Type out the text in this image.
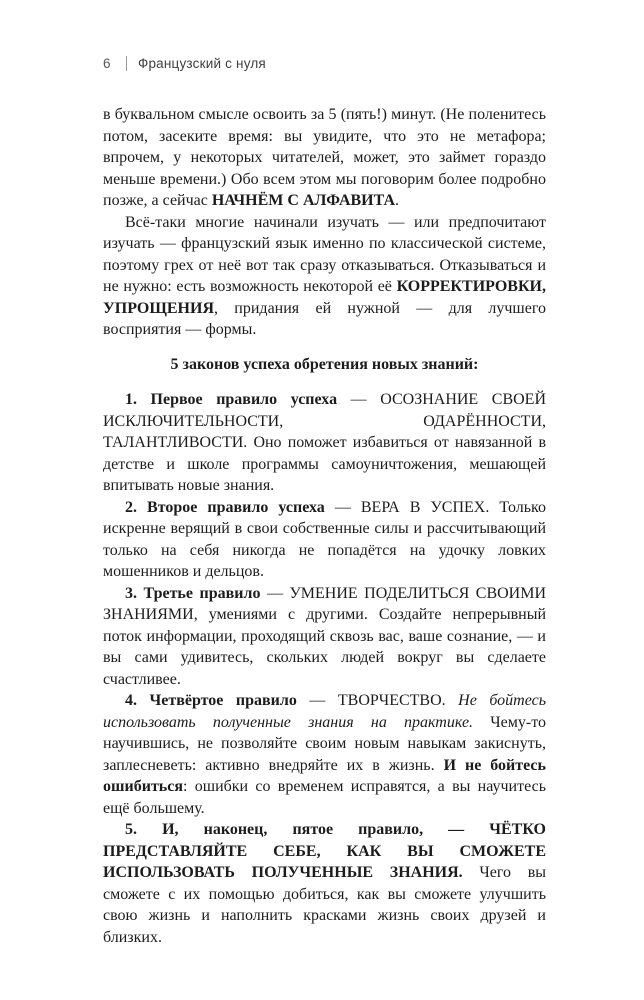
6	Французский с нуля

в буквальном смысле освоить за 5 (пять!) минут. (Не поленитесь потом, засеките время: вы увидите, что это не метафора; впрочем, у некоторых читателей, может, это займет гораздо меньше времени.) Обо всем этом мы поговорим более подробно позже, а сейчас НАЧНЁМ С АЛФАВИТА.

Всё-таки многие начинали изучать — или предпочитают изучать — французский язык именно по классической системе, поэтому грех от неё вот так сразу отказываться. Отказываться и не нужно: есть возможность некоторой её КОРРЕКТИРОВКИ, УПРОЩЕНИЯ, придания ей нужной — для лучшего восприятия — формы.

5 законов успеха обретения новых знаний:

1. Первое правило успеха — ОСОЗНАНИЕ СВОЕЙ ИСКЛЮЧИТЕЛЬНОСТИ, ОДАРЁННОСТИ, ТАЛАНТЛИВОСТИ. Оно поможет избавиться от навязанной в детстве и школе программы самоуничтожения, мешающей впитывать новые знания.

2. Второе правило успеха — ВЕРА В УСПЕХ. Только искренне верящий в свои собственные силы и рассчитывающий только на себя никогда не попадётся на удочку ловких мошенников и дельцов.

3. Третье правило — УМЕНИЕ ПОДЕЛИТЬСЯ СВОИМИ ЗНАНИЯМИ, умениями с другими. Создайте непрерывный поток информации, проходящий сквозь вас, ваше сознание, — и вы сами удивитесь, скольких людей вокруг вы сделаете счастливее.

4. Четвёртое правило — ТВОРЧЕСТВО. Не бойтесь использовать полученные знания на практике. Чему-то научившись, не позволяйте своим новым навыкам закиснуть, заплесневеть: активно внедряйте их в жизнь. И не бойтесь ошибиться: ошибки со временем исправятся, а вы научитесь ещё большему.

5. И, наконец, пятое правило, — ЧЁТКО ПРЕДСТАВЛЯЙТЕ СЕБЕ, КАК ВЫ СМОЖЕТЕ ИСПОЛЬЗОВАТЬ ПОЛУЧЕННЫЕ ЗНАНИЯ. Чего вы сможете с их помощью добиться, как вы сможете улучшить свою жизнь и наполнить красками жизнь своих друзей и близких.
